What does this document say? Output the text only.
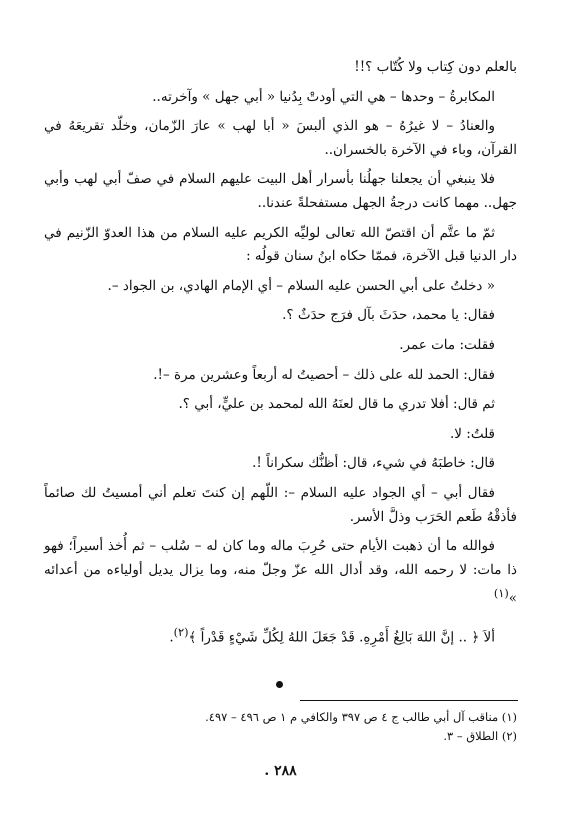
بالعلم دون كِتاب ولا كُتّاب ؟!!

المكابرةُ – وحدها – هي التي أودتْ بِدُنيا « أبي جهل » وآخرته..

والعنادُ – لا غيرُهُ – هو الذي ألبسَ « أبا لهب » عارَ الزّمان، وخلّد تقريعَهُ في القرآن، وباء في الآخرة بالخسران..

فلا ينبغي أن يجعلنا جهلُنا بأسرار أهل البيت عليهم السلام في صفّ أبي لهب وأبي جهل.. مهما كانت درجةُ الجهل مستفحلةً عندنا..

ثمّ ما عتَّم أن اقتصّ الله تعالى لوليِّه الكريم عليه السلام من هذا العدوّ الزّنيم في دار الدنيا قبل الآخرة، فممّا حكاه ابنُ سنان قولُه :

« دخلتُ على أبي الحسن عليه السلام – أي الإمام الهادي، بن الجواد –.

فقال: يا محمد، حدَثَ بآل فرَج حدَثٌ ؟.

فقلت: مات عمر.

فقال: الحمد لله على ذلك – أحصيتُ له أربعاً وعشرين مرة –!.

ثم قال: أفلا تدري ما قال لعنَهُ الله لمحمد بن عليٍّ، أبي ؟.

قلتُ: لا.

قال: خاطبَهُ في شيء، قال: أظنُّك سكراناً !.

فقال أبي – أي الجواد عليه السلام –: اللّهم إن كنتَ تعلم أني أمسيتُ لك صائماً فأذقْهُ طَعم الحَرَب وذلَّ الأسر.

فوالله ما أن ذهبت الأيام حتى حُرِبَ ماله وما كان له – سُلب – ثم أُخذ أسيراً؛ فهو ذا مات: لا رحمه الله، وقد أدال الله عزّ وجلّ منه، وما يزال يديل أولياءه من أعدائه »$^{(١)}$

ألاَ ﴿ .. إنَّ اللهَ بَالِغُ أَمْرِهِ. قَدْ جَعَلَ اللهُ لِكُلِّ شَيْءٍ قَدْراً ﴾$^{(٢)}$.

(١) مناقب آل أبي طالب ج ٤ ص ٣٩٧ والكافي م ١ ص ٤٩٦ – ٤٩٧.

(٢) الطلاق – ٣.

٢٨٨ .
